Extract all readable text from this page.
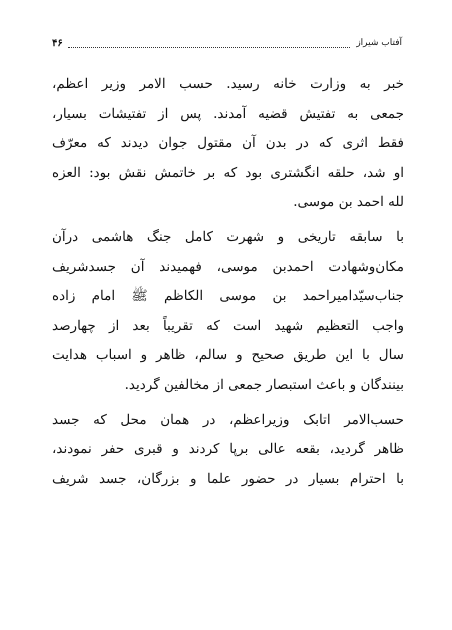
۴۶	آفتاب شیراز
خبر به وزارت خانه رسید. حسب الامر وزیر اعظم،
جمعی به تفتیش قضیه آمدند. پس از تفتیشات بسیار،
فقط اثری که در بدن آن مقتول جوان دیدند که معرّف
او شد، حلقه انگشتری بود که بر خاتمش نقش بود: العزه
لله احمد بن موسی.
با سابقه تاریخی و شهرت کامل جنگ هاشمی درآن
مکان‌وشهادت احمدبن موسی، فهمیدند آن جسدشریف
جناب‌سیّدامیراحمد بن موسی الکاظم ﷺ امام زاده
واجب التعظیم شهید است که تقریباً بعد از چهارصد
سال با این طریق صحیح و سالم، ظاهر و اسباب هدایت
بینندگان و باعث استبصار جمعی از مخالفین گردید.
حسب‌الامر اتابک وزیراعظم، در همان محل که جسد
ظاهر گردید، بقعه عالی برپا کردند و قبری حفر نمودند،
با احترام بسیار در حضور علما و بزرگان، جسد شریف
